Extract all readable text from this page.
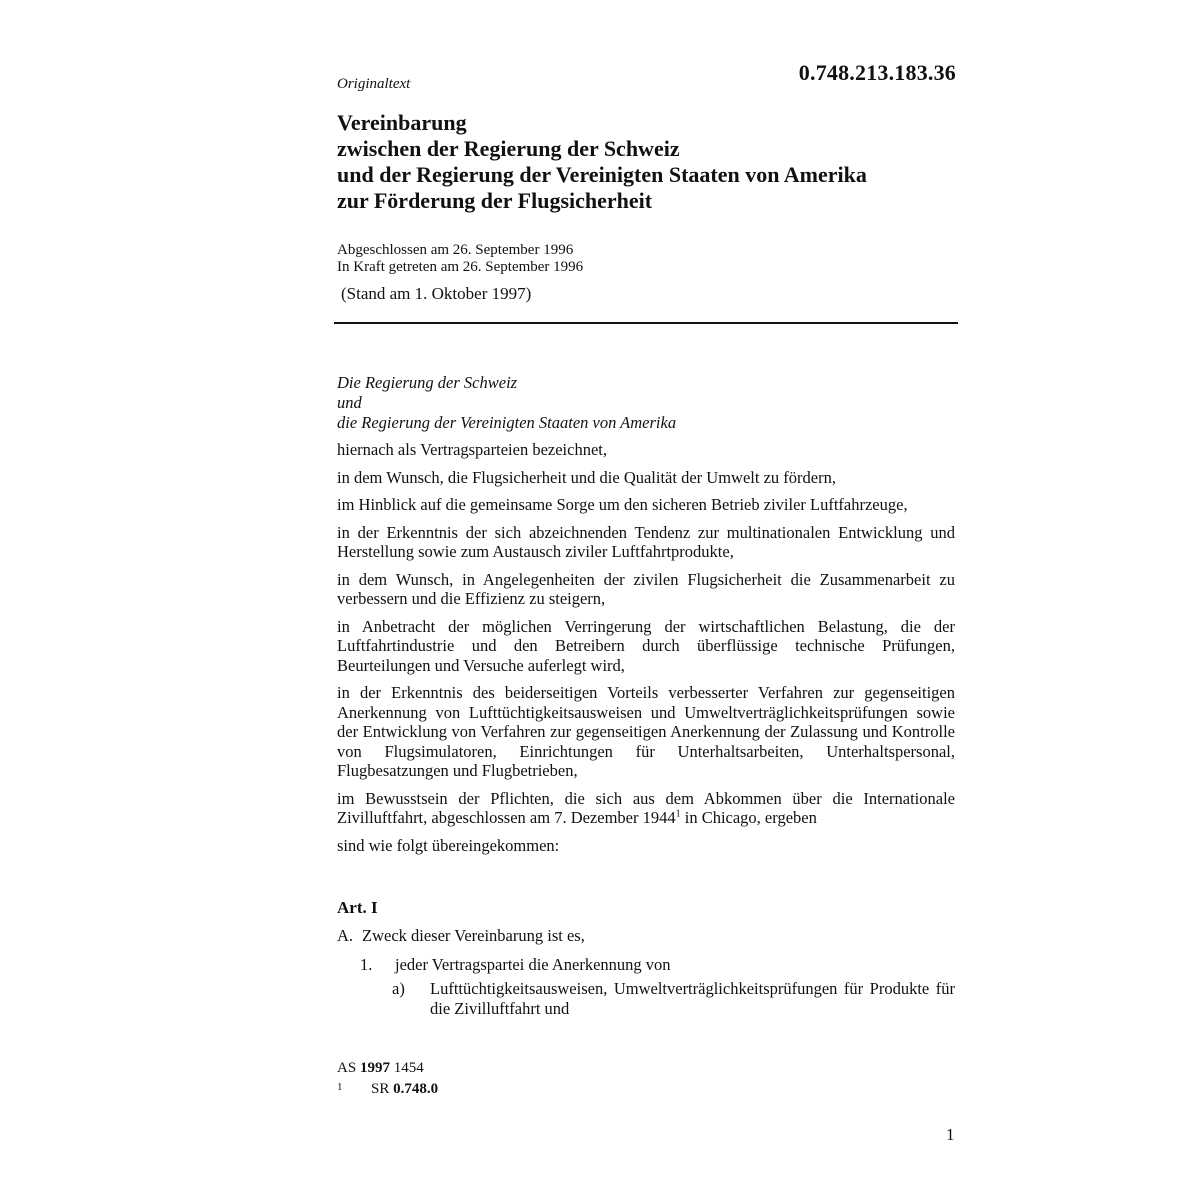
Originaltext	0.748.213.183.36
Vereinbarung
zwischen der Regierung der Schweiz
und der Regierung der Vereinigten Staaten von Amerika
zur Förderung der Flugsicherheit
Abgeschlossen am 26. September 1996
In Kraft getreten am 26. September 1996
(Stand am 1. Oktober 1997)
Die Regierung der Schweiz
und
die Regierung der Vereinigten Staaten von Amerika

hiernach als Vertragsparteien bezeichnet,

in dem Wunsch, die Flugsicherheit und die Qualität der Umwelt zu fördern,

im Hinblick auf die gemeinsame Sorge um den sicheren Betrieb ziviler Luftfahrzeuge,

in der Erkenntnis der sich abzeichnenden Tendenz zur multinationalen Entwicklung und Herstellung sowie zum Austausch ziviler Luftfahrtprodukte,

in dem Wunsch, in Angelegenheiten der zivilen Flugsicherheit die Zusammenarbeit zu verbessern und die Effizienz zu steigern,

in Anbetracht der möglichen Verringerung der wirtschaftlichen Belastung, die der Luftfahrtindustrie und den Betreibern durch überflüssige technische Prüfungen, Beurteilungen und Versuche auferlegt wird,

in der Erkenntnis des beiderseitigen Vorteils verbesserter Verfahren zur gegenseitigen Anerkennung von Lufttüchtigkeitsausweisen und Umweltverträglichkeitsprüfungen sowie der Entwicklung von Verfahren zur gegenseitigen Anerkennung der Zulassung und Kontrolle von Flugsimulatoren, Einrichtungen für Unterhaltsarbeiten, Unterhaltspersonal, Flugbesatzungen und Flugbetrieben,

im Bewusstsein der Pflichten, die sich aus dem Abkommen über die Internationale Zivilluftfahrt, abgeschlossen am 7. Dezember 1944$^1$ in Chicago, ergeben

sind wie folgt übereingekommen:

Art. I
A. Zweck dieser Vereinbarung ist es,
1. jeder Vertragspartei die Anerkennung von
a) Lufttüchtigkeitsausweisen, Umweltverträglichkeitsprüfungen für Produkte für die Zivilluftfahrt und
AS 1997 1454
1 SR 0.748.0
1
